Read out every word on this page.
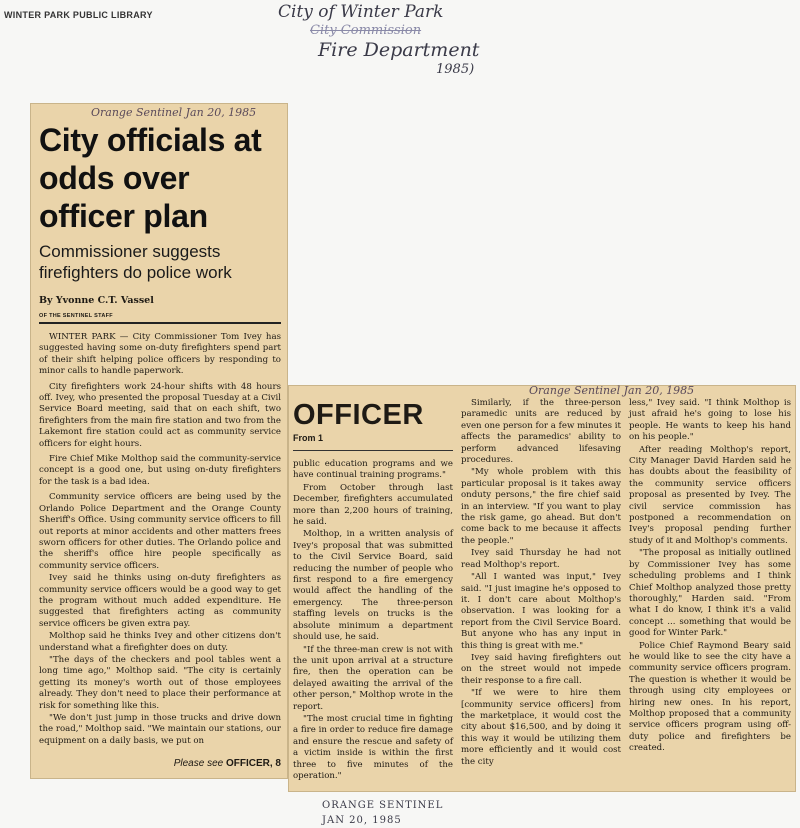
WINTER PARK PUBLIC LIBRARY	City of Winter Park
City Commission
Fire Department
1985)
Orange Sentinel Jan 20, 1985
City officials at odds over officer plan
Commissioner suggests firefighters do police work
By Yvonne C.T. Vassel
OF THE SENTINEL STAFF

WINTER PARK — City Commissioner Tom Ivey has suggested having some on-duty firefighters spend part of their shift helping police officers by responding to minor calls to handle paperwork.

City firefighters work 24-hour shifts with 48 hours off. Ivey, who presented the proposal Tuesday at a Civil Service Board meeting, said that on each shift, two firefighters from the main fire station and two from the Lakemont fire station could act as community service officers for eight hours.

Fire Chief Mike Molthop said the community-service concept is a good one, but using on-duty firefighters for the task is a bad idea.

Community service officers are being used by the Orlando Police Department and the Orange County Sheriff's Office. Using community service officers to fill out reports at minor accidents and other matters frees sworn officers for other duties. The Orlando police and the sheriff's office hire people specifically as community service officers.

Ivey said he thinks using on-duty firefighters as community service officers would be a good way to get the program without much added expenditure. He suggested that firefighters acting as community service officers be given extra pay.

Molthop said he thinks Ivey and other citizens don't understand what a firefighter does on duty.

"The days of the checkers and pool tables went a long time ago," Molthop said. "The city is certainly getting its money's worth out of those employees already. They don't need to place their performance at risk for something like this.

"We don't just jump in those trucks and drive down the road," Molthop said. "We maintain our stations, our equipment on a daily basis, we put on

Please see OFFICER, 8
Orange Sentinel Jan 20, 1985
OFFICER
From 1

public education programs and we have continual training programs."

From October through last December, firefighters accumulated more than 2,200 hours of training, he said.

Molthop, in a written analysis of Ivey's proposal that was submitted to the Civil Service Board, said reducing the number of people who first respond to a fire emergency would affect the handling of the emergency. The three-person staffing levels on trucks is the absolute minimum a department should use, he said.

"If the three-man crew is not with the unit upon arrival at a structure fire, then the operation can be delayed awaiting the arrival of the other person," Molthop wrote in the report.

"The most crucial time in fighting a fire in order to reduce fire damage and ensure the rescue and safety of a victim inside is within the first three to five minutes of the operation."

Similarly, if the three-person paramedic units are reduced by even one person for a few minutes it affects the paramedics' ability to perform advanced lifesaving procedures.

"My whole problem with this particular proposal is it takes away onduty persons," the fire chief said in an interview. "If you want to play the risk game, go ahead. But don't come back to me because it affects the people."

Ivey said Thursday he had not read Molthop's report.

"All I wanted was input," Ivey said. "I just imagine he's opposed to it. I don't care about Molthop's observation. I was looking for a report from the Civil Service Board. But anyone who has any input in this thing is great with me."

Ivey said having firefighters out on the street would not impede their response to a fire call.

"If we were to hire them [community service officers] from the marketplace, it would cost the city about $16,500, and by doing it this way it would be utilizing them more efficiently and it would cost the city

less," Ivey said. "I think Molthop is just afraid he's going to lose his people. He wants to keep his hand on his people."

After reading Molthop's report, City Manager David Harden said he has doubts about the feasibility of the community service officers proposal as presented by Ivey. The civil service commission has postponed a recommendation on Ivey's proposal pending further study of it and Molthop's comments.

"The proposal as initially outlined by Commissioner Ivey has some scheduling problems and I think Chief Molthop analyzed those pretty thoroughly," Harden said. "From what I do know, I think it's a valid concept ... something that would be good for Winter Park."

Police Chief Raymond Beary said he would like to see the city have a community service officers program. The question is whether it would be through using city employees or hiring new ones. In his report, Molthop proposed that a community service officers program using off-duty police and firefighters be created.

ORANGE SENTINEL
JAN 20, 1985
